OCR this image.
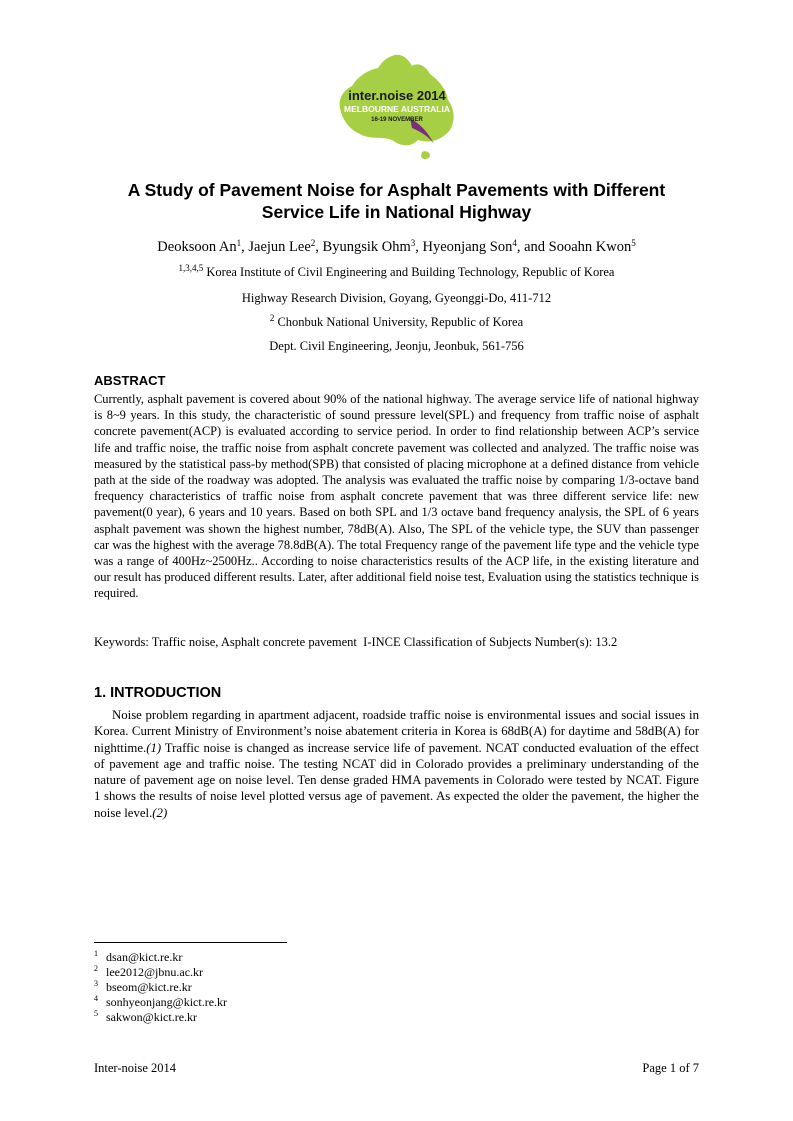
inter.noise 2014
MELBOURNE AUSTRALIA
16-19 NOVEMBER
A Study of Pavement Noise for Asphalt Pavements with Different
Service Life in National Highway
Deoksoon An$^1$, Jaejun Lee$^2$, Byungsik Ohm$^3$, Hyeonjang Son$^4$, and Sooahn Kwon$^5$
$^{1,3,4,5}$ Korea Institute of Civil Engineering and Building Technology, Republic of Korea
Highway Research Division, Goyang, Gyeonggi-Do, 411-712
$^2$ Chonbuk National University, Republic of Korea
Dept. Civil Engineering, Jeonju, Jeonbuk, 561-756
ABSTRACT

Currently, asphalt pavement is covered about 90% of the national highway. The average service life of national highway is 8~9 years. In this study, the characteristic of sound pressure level(SPL) and frequency from traffic noise of asphalt concrete pavement(ACP) is evaluated according to service period. In order to find relationship between ACP’s service life and traffic noise, the traffic noise from asphalt concrete pavement was collected and analyzed. The traffic noise was measured by the statistical pass-by method(SPB) that consisted of placing microphone at a defined distance from vehicle path at the side of the roadway was adopted. The analysis was evaluated the traffic noise by comparing 1/3-octave band frequency characteristics of traffic noise from asphalt concrete pavement that was three different service life: new pavement(0 year), 6 years and 10 years. Based on both SPL and 1/3 octave band frequency analysis, the SPL of 6 years asphalt pavement was shown the highest number, 78dB(A). Also, The SPL of the vehicle type, the SUV than passenger car was the highest with the average 78.8dB(A). The total Frequency range of the pavement life type and the vehicle type was a range of 400Hz~2500Hz.. According to noise characteristics results of the ACP life, in the existing literature and our result has produced different results. Later, after additional field noise test, Evaluation using the statistics technique is required.

Keywords: Traffic noise, Asphalt concrete pavement  I-INCE Classification of Subjects Number(s): 13.2
1. INTRODUCTION

Noise problem regarding in apartment adjacent, roadside traffic noise is environmental issues and social issues in Korea. Current Ministry of Environment’s noise abatement criteria in Korea is 68dB(A) for daytime and 58dB(A) for nighttime.(1) Traffic noise is changed as increase service life of pavement. NCAT conducted evaluation of the effect of pavement age and traffic noise. The testing NCAT did in Colorado provides a preliminary understanding of the nature of pavement age on noise level. Ten dense graded HMA pavements in Colorado were tested by NCAT. Figure 1 shows the results of noise level plotted versus age of pavement. As expected the older the pavement, the higher the noise level.(2)

$^1$ dsan@kict.re.kr
$^2$ lee2012@jbnu.ac.kr
$^3$ bseom@kict.re.kr
$^4$ sonhyeonjang@kict.re.kr
$^5$ sakwon@kict.re.kr
Inter-noise 2014	Page 1 of 7
